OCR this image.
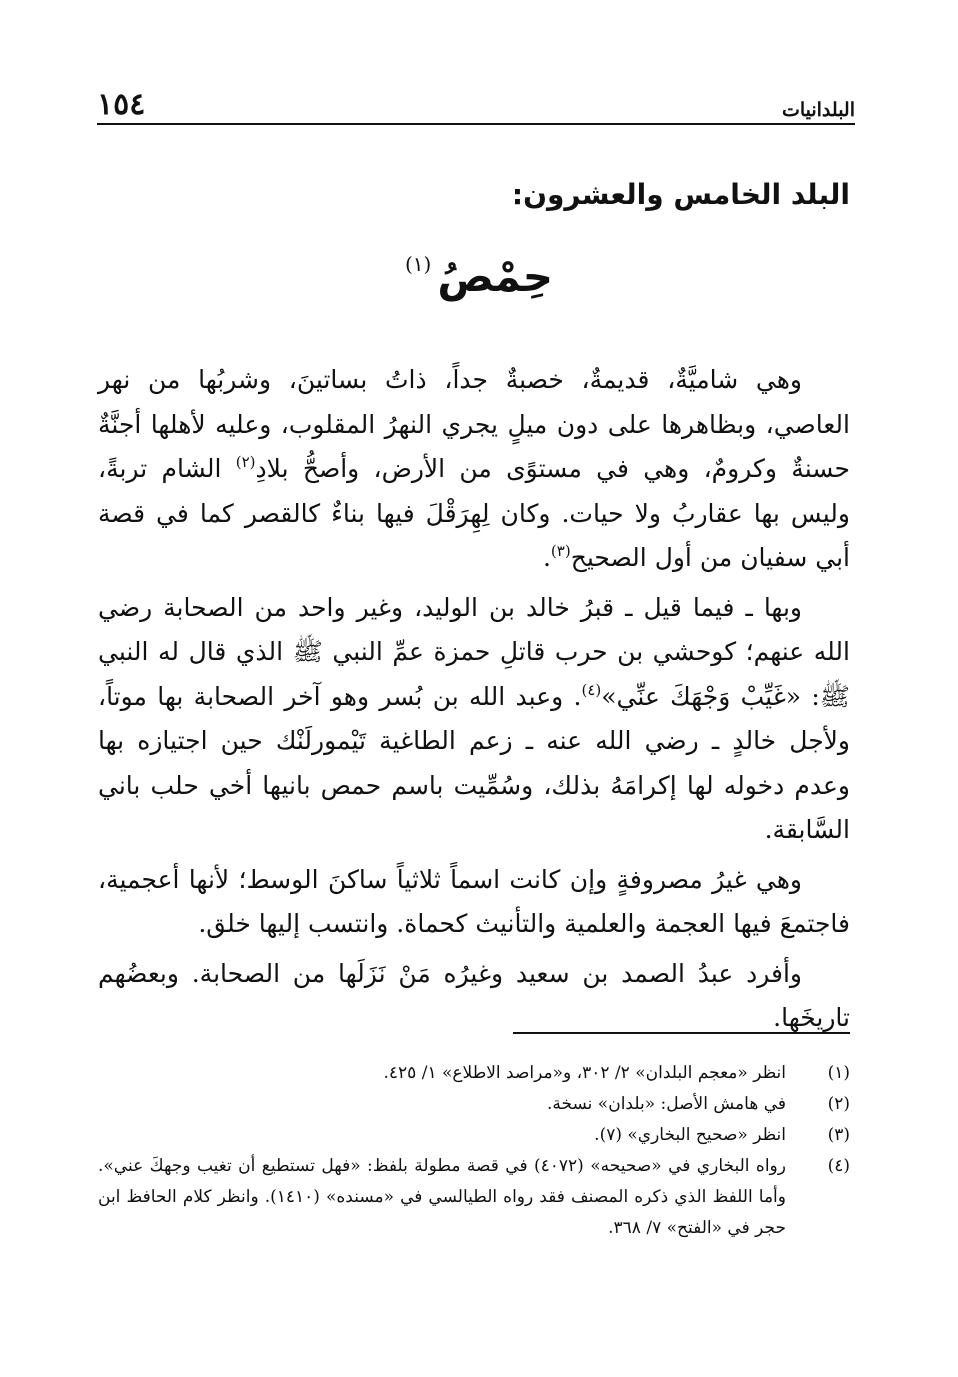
البلدانيات
١٥٤
البلد الخامس والعشرون:
حِمْصُ(١)

وهي شاميَّةٌ، قديمةٌ، خصبةٌ جداً، ذاتُ بساتينَ، وشربُها من نهر العاصي، وبظاهرها على دون ميلٍ يجري النهرُ المقلوب، وعليه لأهلها أجنَّةٌ حسنةٌ وكرومٌ، وهي في مستوًى من الأرض، وأصحُّ بلادِ$^{(٢)}$ الشام تربةً، وليس بها عقاربُ ولا حيات. وكان لِهِرَقْلَ فيها بناءٌ كالقصر كما في قصة أبي سفيان من أول الصحيح$^{(٣)}$.

وبها ـ فيما قيل ـ قبرُ خالد بن الوليد، وغير واحد من الصحابة رضي الله عنهم؛ كوحشي بن حرب قاتلِ حمزة عمِّ النبي ﷺ الذي قال له النبي ﷺ: «غَيِّبْ وَجْهَكَ عنِّي»$^{(٤)}$. وعبد الله بن بُسر وهو آخر الصحابة بها موتاً، ولأجل خالدٍ ـ رضي الله عنه ـ زعم الطاغية تَيْمورلَنْك حين اجتيازه بها وعدم دخوله لها إكرامَهُ بذلك، وسُمِّيت باسم حمص بانيها أخي حلب باني السَّابقة.

وهي غيرُ مصروفةٍ وإن كانت اسماً ثلاثياً ساكنَ الوسط؛ لأنها أعجمية، فاجتمعَ فيها العجمة والعلمية والتأنيث كحماة. وانتسب إليها خلق.

وأفرد عبدُ الصمد بن سعيد وغيرُه مَنْ نَزَلَها من الصحابة. وبعضُهم تاريخَها.

(١)
انظر «معجم البلدان» ٢/ ٣٠٢، و«مراصد الاطلاع» ١/ ٤٢٥.
(٢)
في هامش الأصل: «بلدان» نسخة.
(٣)
انظر «صحيح البخاري» (٧).
(٤)
رواه البخاري في «صحيحه» (٤٠٧٢) في قصة مطولة بلفظ: «فهل تستطيع أن تغيب وجهكَ عني». وأما اللفظ الذي ذكره المصنف فقد رواه الطيالسي في «مسنده» (١٤١٠). وانظر كلام الحافظ ابن حجر في «الفتح» ٧/ ٣٦٨.
